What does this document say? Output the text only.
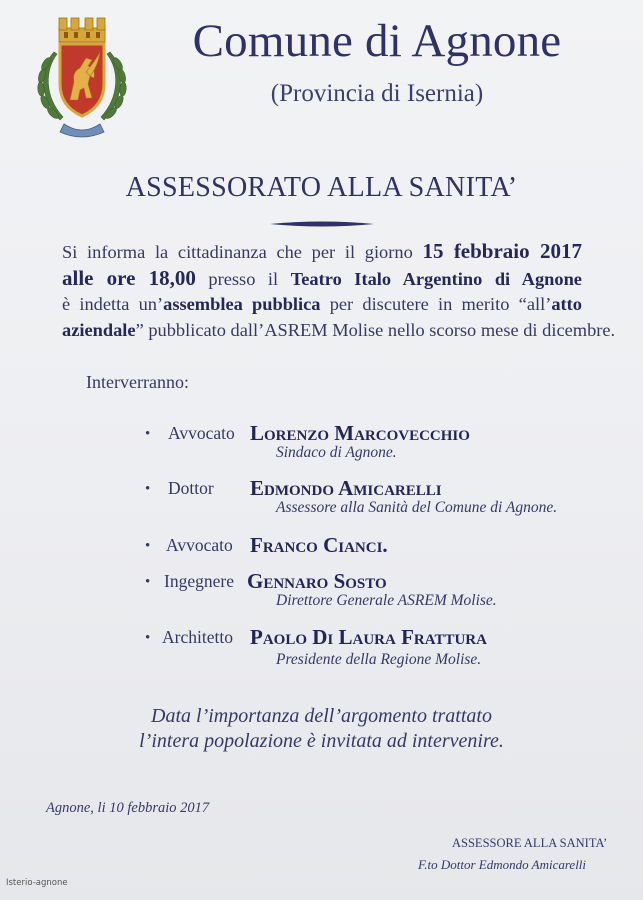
Comune di Agnone
(Provincia di Isernia)
ASSESSORATO ALLA SANITA’
Si informa la cittadinanza che per il giorno 15 febbraio 2017
alle ore 18,00 presso il Teatro Italo Argentino di Agnone
è indetta un’assemblea pubblica per discutere in merito “all’atto
aziendale” pubblicato dall’ASREM Molise nello scorso mese di dicembre.
Interverranno:
• Avvocato Lorenzo Marcovecchio
Sindaco di Agnone.
• Dottor Edmondo Amicarelli
Assessore alla Sanità del Comune di Agnone.
• Avvocato Franco Cianci.
• Ingegnere Gennaro Sosto
Direttore Generale ASREM Molise.
• Architetto Paolo Di Laura Frattura
Presidente della Regione Molise.
Data l’importanza dell’argomento trattato
l’intera popolazione è invitata ad intervenire.
Agnone, li 10 febbraio 2017
ASSESSORE ALLA SANITA’
F.to Dottor Edmondo Amicarelli
Isterio-agnone
